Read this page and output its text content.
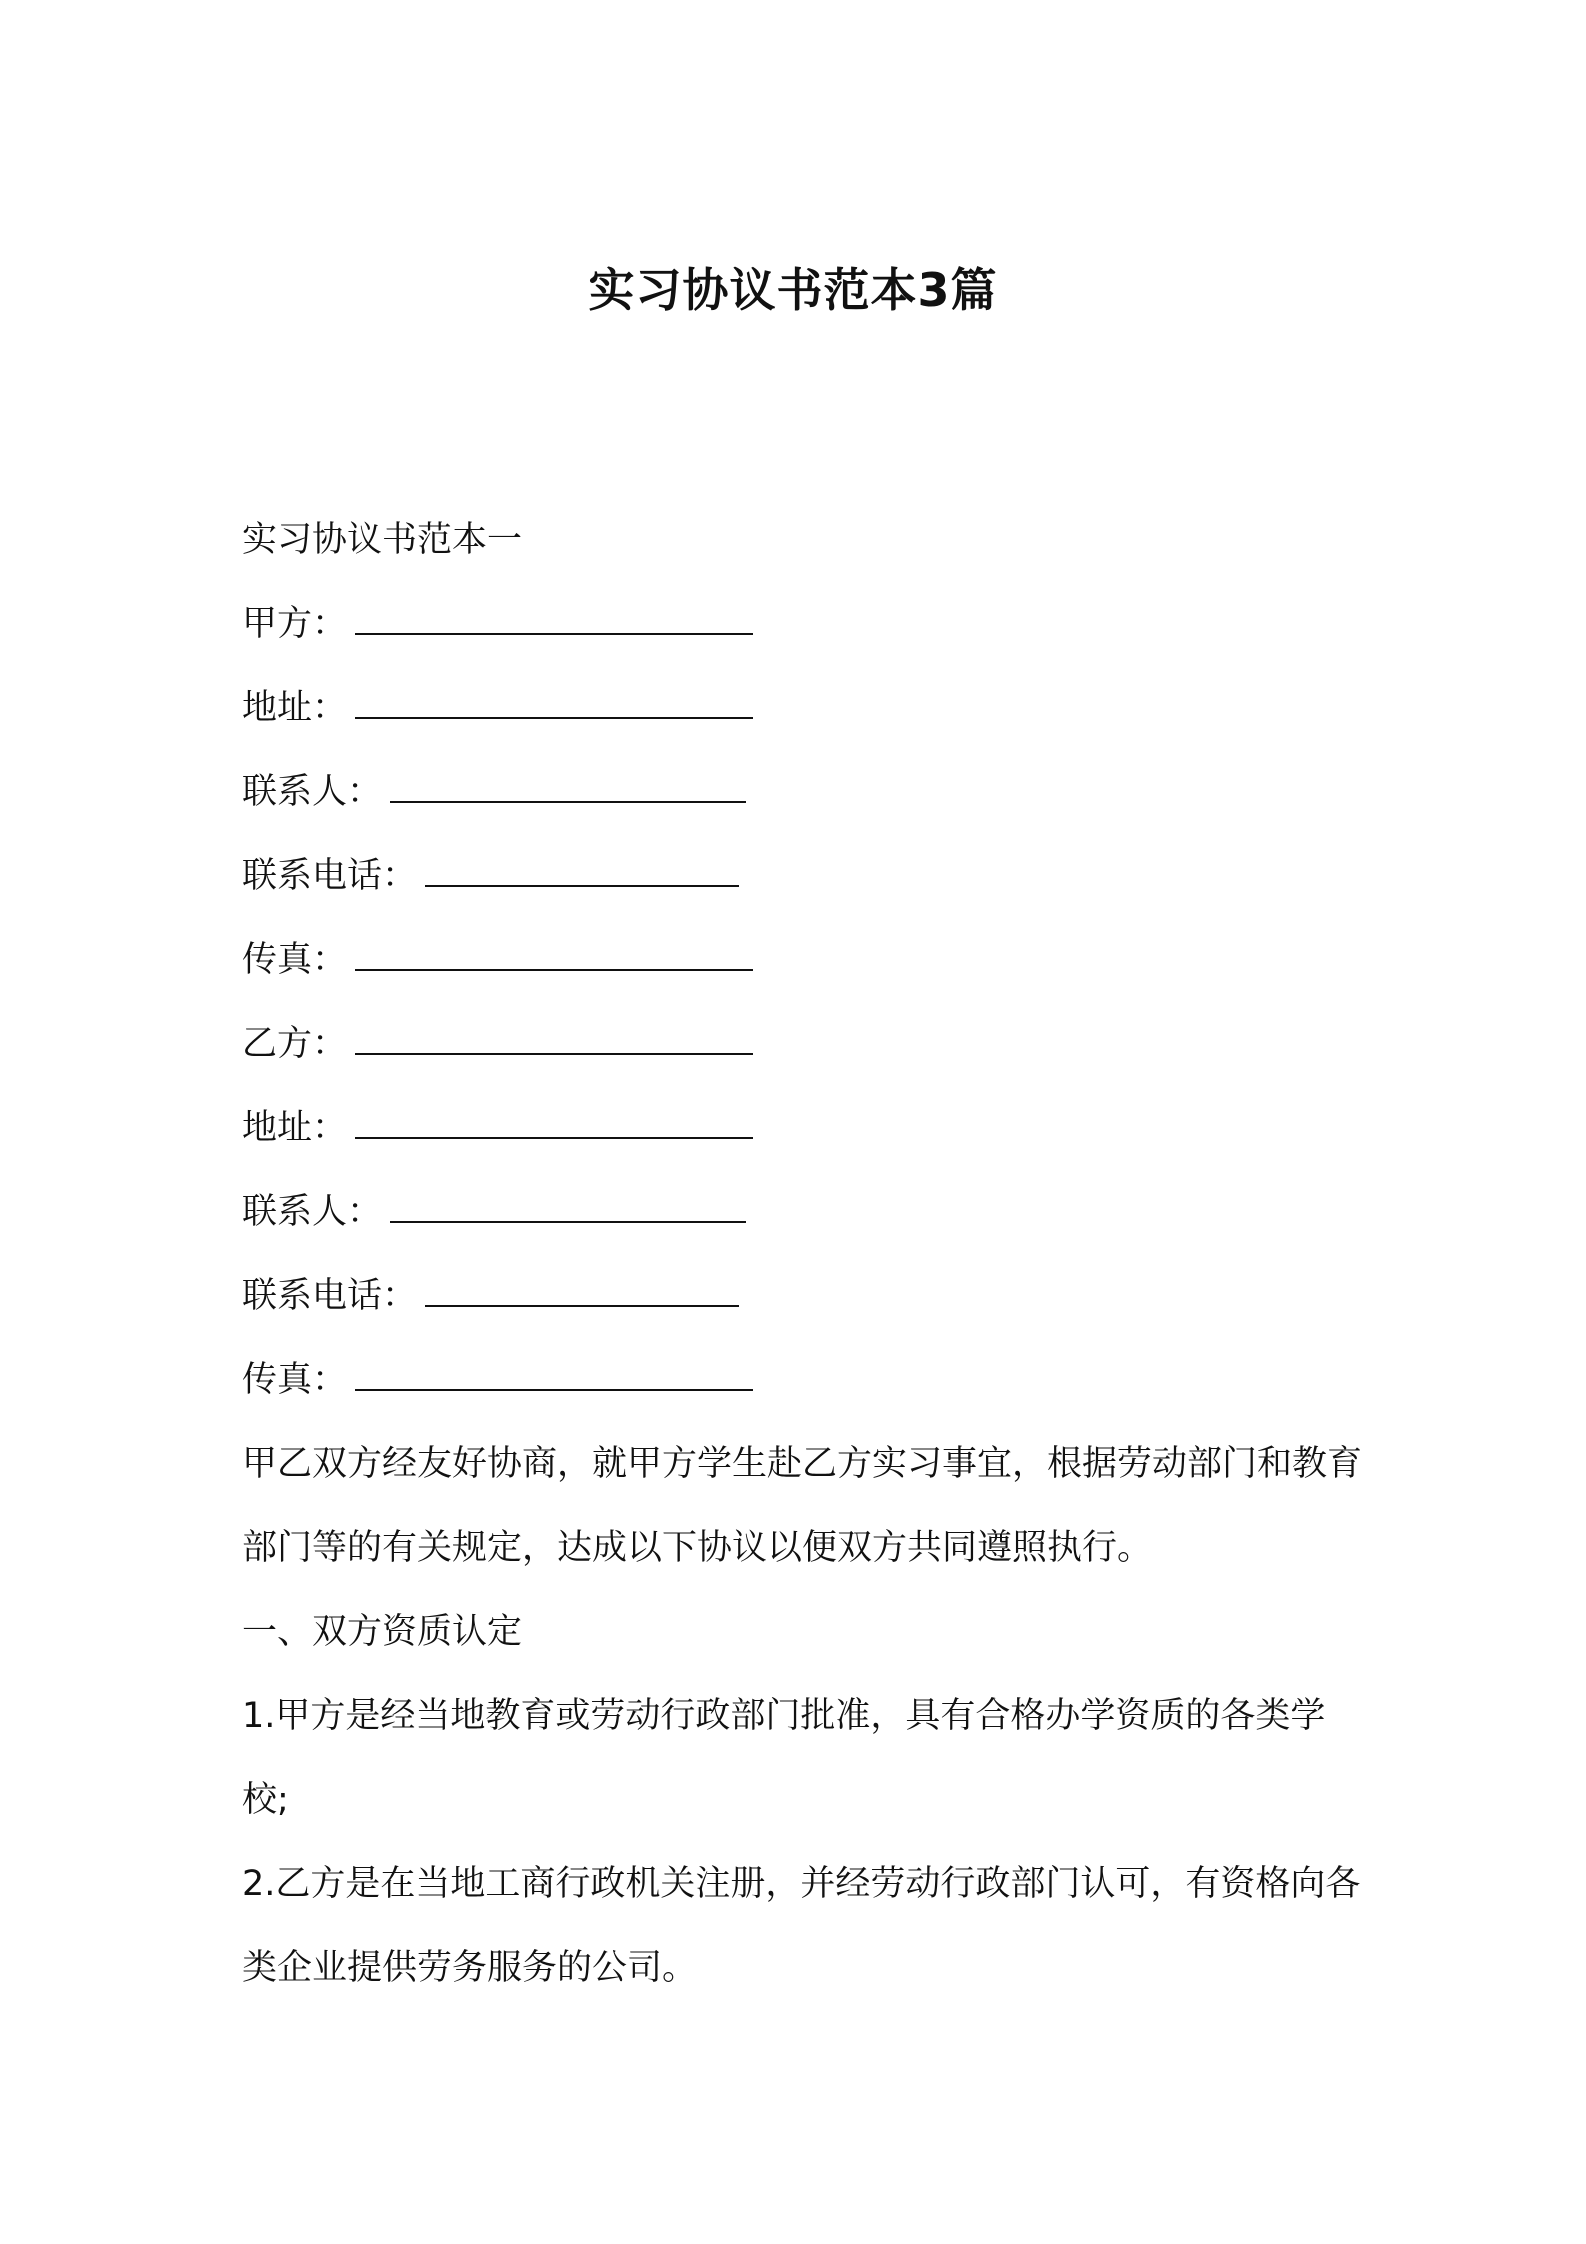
实习协议书范本3篇
实习协议书范本一
甲方：
地址：
联系人：
联系电话：
传真：
乙方：
地址：
联系人：
联系电话：
传真：
甲乙双方经友好协商，就甲方学生赴乙方实习事宜，根据劳动部门和教育部门等的有关规定，达成以下协议以便双方共同遵照执行。
一、双方资质认定
1.甲方是经当地教育或劳动行政部门批准，具有合格办学资质的各类学校;
2.乙方是在当地工商行政机关注册，并经劳动行政部门认可，有资格向各类企业提供劳务服务的公司。
